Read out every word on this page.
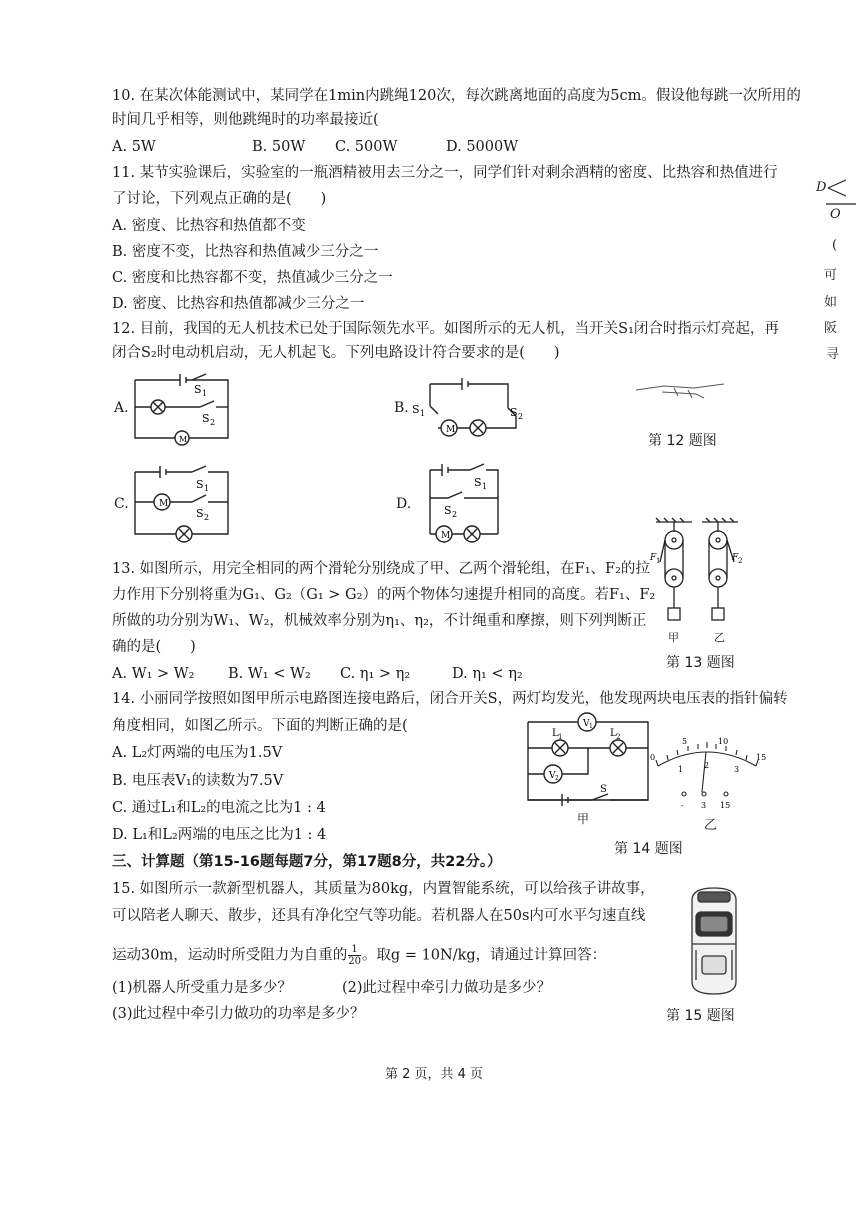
10. 在某次体能测试中，某同学在1min内跳绳120次，每次跳离地面的高度为5cm。假设他每跳一次所用的
时间几乎相等，则他跳绳时的功率最接近(
A. 5W	B. 50W C. 500W	D. 5000W
11. 某节实验课后，实验室的一瓶酒精被用去三分之一，同学们针对剩余酒精的密度、比热容和热值进行
了讨论，下列观点正确的是(　　)
A. 密度、比热容和热值都不变
B. 密度不变，比热容和热值减少三分之一
C. 密度和比热容都不变，热值减少三分之一
D. 密度、比热容和热值都减少三分之一
12. 目前，我国的无人机技术已处于国际领先水平。如图所示的无人机，当开关S₁闭合时指示灯亮起，再
闭合S₂时电动机启动，无人机起飞。下列电路设计符合要求的是(　　)
A.
M
S 1
S 2
B.
M
S 1	S 2
第 12 题图
C.	M
S 1
S 2
D.
M
S 1
S 2
13. 如图所示，用完全相同的两个滑轮分别绕成了甲、乙两个滑轮组，在F₁、F₂的拉
力作用下分别将重为G₁、G₂（G₁ > G₂）的两个物体匀速提升相同的高度。若F₁、F₂
所做的功分别为W₁、W₂，机械效率分别为η₁、η₂，不计绳重和摩擦，则下列判断正
确的是(　　)
A. W₁ > W₂ B. W₁ < W₂ C. η₁ > η₂	D. η₁ < η₂
F 1	F 2
甲	乙
第 13 题图
14. 小丽同学按照如图甲所示电路图连接电路后，闭合开关S，两灯均发光，他发现两块电压表的指针偏转
角度相同，如图乙所示。下面的判断正确的是(
A. L₂灯两端的电压为1.5V
B. 电压表V₁的读数为7.5V
C. 通过L₁和L₂的电流之比为1 : 4
D. L₁和L₂两端的电压之比为1 : 4
V 1
V 2
L 1	L 2
S
甲
0
5	10
15
1	2	3
- 3 15
乙
第 14 题图
三、计算题（第15-16题每题7分，第17题8分，共22分。）
15. 如图所示一款新型机器人，其质量为80kg，内置智能系统，可以给孩子讲故事，
可以陪老人聊天、散步，还具有净化空气等功能。若机器人在50s内可水平匀速直线
运动30m，运动时所受阻力为自重的 $\frac{1}{20}$ 。取g = 10N/kg，请通过计算回答：
(1)机器人所受重力是多少？	(2)此过程中牵引力做功是多少？
(3)此过程中牵引力做功的功率是多少？	第 15 题图
D
O
(
可
如
阪
寻
第 2 页，共 4 页
